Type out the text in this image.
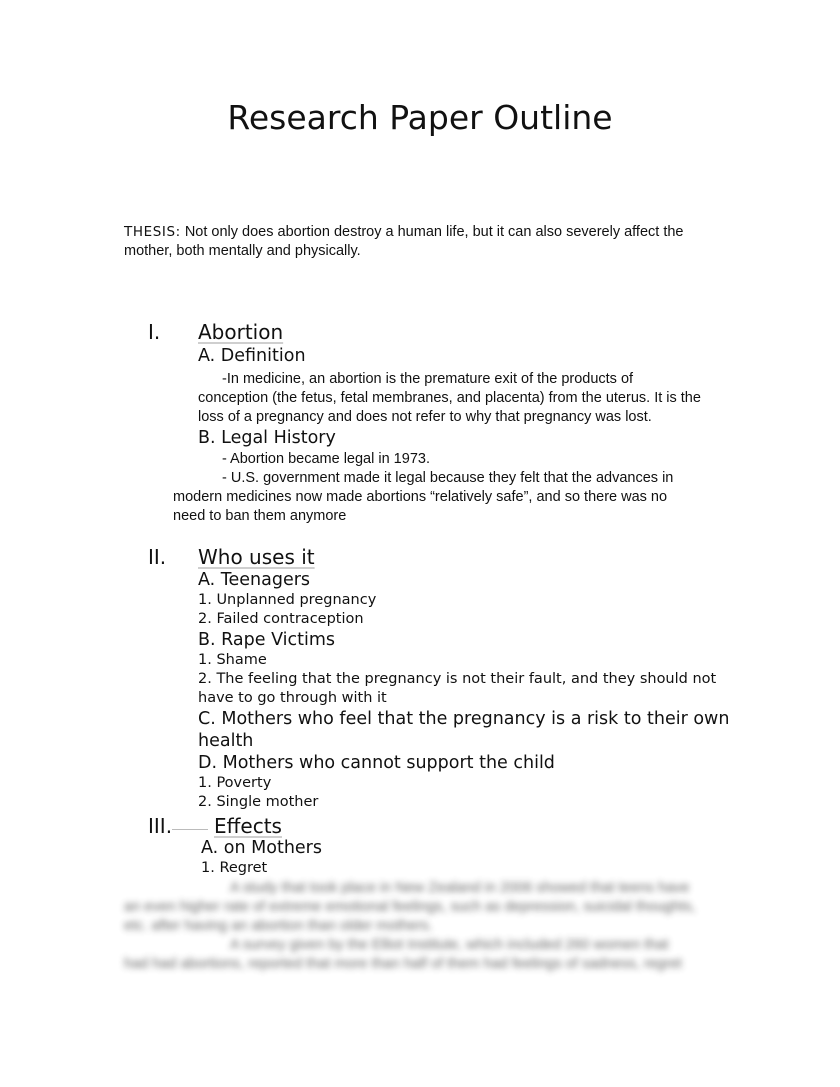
Research Paper Outline

THESIS: Not only does abortion destroy a human life, but it can also severely affect the mother, both mentally and physically.

I. Abortion
A. Definition
-In medicine, an abortion is the premature exit of the products of
conception (the fetus, fetal membranes, and placenta) from the uterus. It is the
loss of a pregnancy and does not refer to why that pregnancy was lost.
B. Legal History
- Abortion became legal in 1973.
- U.S. government made it legal because they felt that the advances in
modern medicines now made abortions “relatively safe”, and so there was no
need to ban them anymore
II. Who uses it
A. Teenagers
1. Unplanned pregnancy
2. Failed contraception
B. Rape Victims
1. Shame
2. The feeling that the pregnancy is not their fault, and they should not
have to go through with it
C. Mothers who feel that the pregnancy is a risk to their own
health
D. Mothers who cannot support the child
1. Poverty
2. Single mother
III.	Effects
A. on Mothers
1. Regret
A study that took place in New Zealand in 2006 showed that teens have
an even higher rate of extreme emotional feelings, such as depression, suicidal thoughts,
etc. after having an abortion than older mothers.
A survey given by the Elliot Institute, which included 260 women that
had had abortions, reported that more than half of them had feelings of sadness, regret
